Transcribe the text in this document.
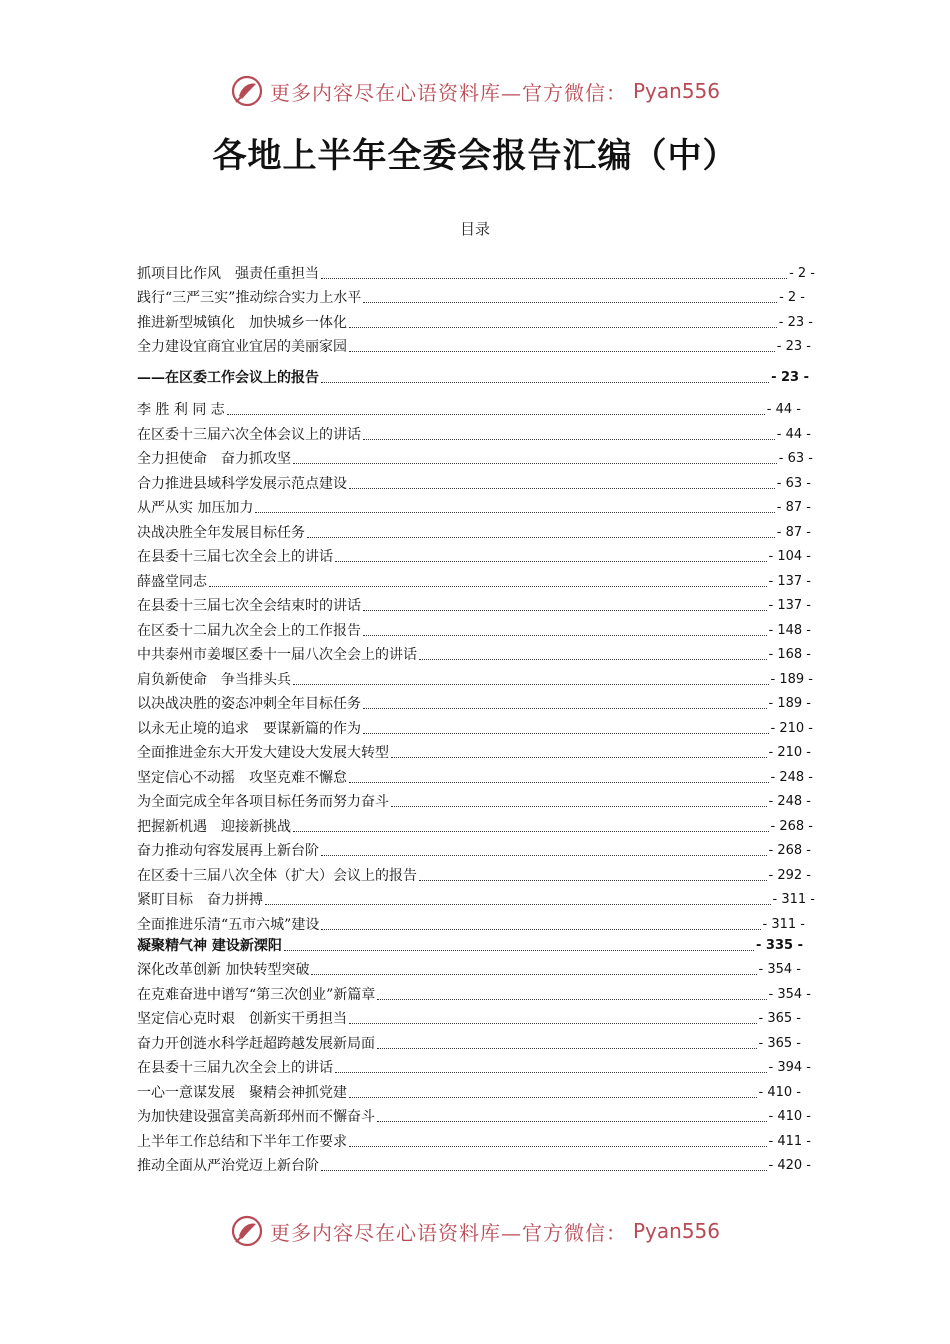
更多内容尽在心语资料库—官方微信： Pyan556
各地上半年全委会报告汇编（中）
目录
抓项目比作风　强责任重担当	- 2 -
践行“三严三实”推动综合实力上水平	- 2 -
推进新型城镇化　加快城乡一体化	- 23 -
全力建设宜商宜业宜居的美丽家园	- 23 -
——在区委工作会议上的报告	- 23 -
李 胜 利 同 志	- 44 -
在区委十三届六次全体会议上的讲话	- 44 -
全力担使命　奋力抓攻坚	- 63 -
合力推进县域科学发展示范点建设	- 63 -
从严从实 加压加力	- 87 -
决战决胜全年发展目标任务	- 87 -
在县委十三届七次全会上的讲话	- 104 -
薛盛堂同志	- 137 -
在县委十三届七次全会结束时的讲话	- 137 -
在区委十二届九次全会上的工作报告	- 148 -
中共泰州市姜堰区委十一届八次全会上的讲话	- 168 -
肩负新使命　争当排头兵	- 189 -
以决战决胜的姿态冲刺全年目标任务	- 189 -
以永无止境的追求　要谋新篇的作为	- 210 -
全面推进金东大开发大建设大发展大转型	- 210 -
坚定信心不动摇　攻坚克难不懈怠	- 248 -
为全面完成全年各项目标任务而努力奋斗	- 248 -
把握新机遇　迎接新挑战	- 268 -
奋力推动句容发展再上新台阶	- 268 -
在区委十三届八次全体（扩大）会议上的报告	- 292 -
紧盯目标　奋力拼搏	- 311 -
全面推进乐清“五市六城”建设	- 311 -
凝聚精气神 建设新溧阳	- 335 -
深化改革创新 加快转型突破	- 354 -
在克难奋进中谱写“第三次创业”新篇章	- 354 -
坚定信心克时艰　创新实干勇担当	- 365 -
奋力开创涟水科学赶超跨越发展新局面	- 365 -
在县委十三届九次全会上的讲话	- 394 -
一心一意谋发展　聚精会神抓党建	- 410 -
为加快建设强富美高新邳州而不懈奋斗	- 410 -
上半年工作总结和下半年工作要求	- 411 -
推动全面从严治党迈上新台阶	- 420 -
更多内容尽在心语资料库—官方微信： Pyan556
